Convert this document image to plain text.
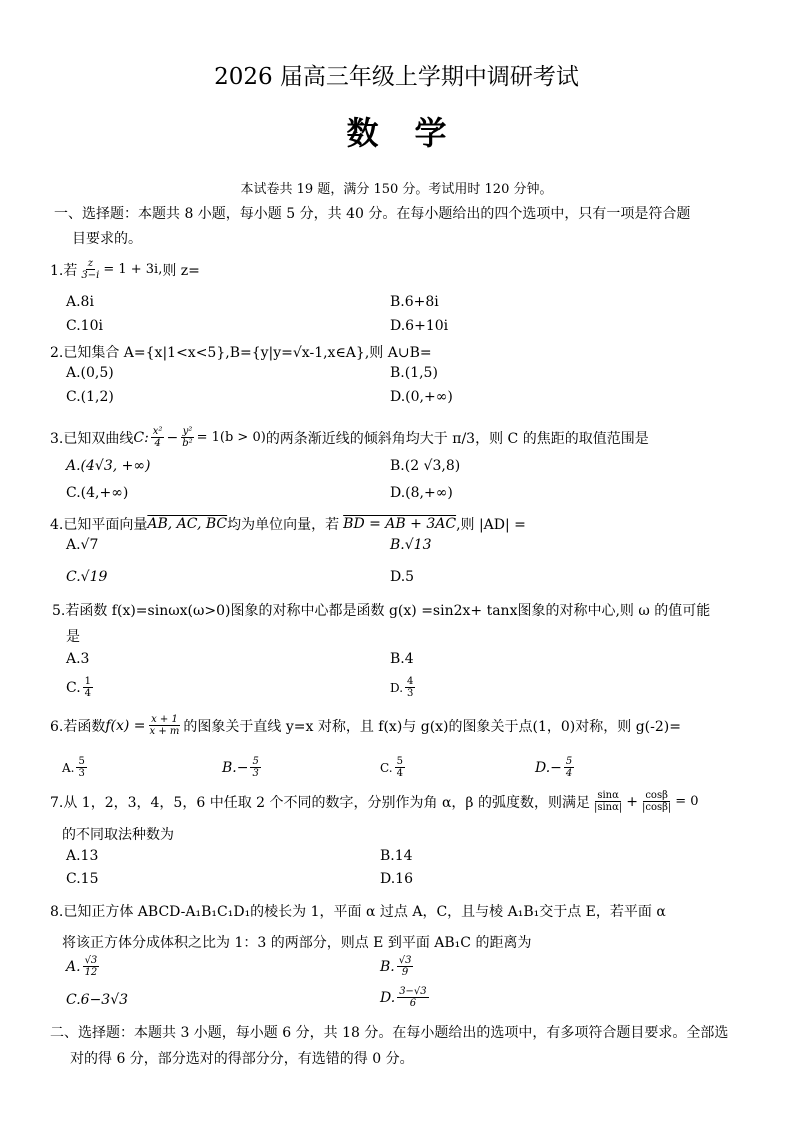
2026 届高三年级上学期中调研考试
数学
本试卷共 19 题，满分 150 分。考试用时 120 分钟。
一、选择题：本题共 8 小题，每小题 5 分，共 40 分。在每小题给出的四个选项中，只有一项是符合题
目要求的。
1.若 $\frac{z}{3-i} = 1 + 3i$, 则 z=
A.8i	B.6+8i
C.10i	D.6+10i
2.已知集合 A={x|1<x<5},B={y|y=√x-1,x∈A},则 A∪B=
A.(0,5)	B.(1,5)
C.(1,2)	D.(0,+∞)
3.已知双曲线 C: $\frac{\text{x²}}{4} - \frac{\text{y²}}{\text{b²}} = 1(b > 0)$ 的两条渐近线的倾斜角均大于 π/3，则 C 的焦距的取值范围是
A.(4√3, +∞)	B.(2 √3,8)
C.(4,+∞)	D.(8,+∞)
4.已知平面向量 AB, AC, BC 均为单位向量，若 BD = AB + 3AC ,则 |AD| =
A.√7	B.√13
C.√19	D.5
5.若函数 f(x)=sinωx(ω>0)图象的对称中心都是函数 g(x) =sin2x+ tanx图象的对称中心,则 ω 的值可能
是
A.3	B.4
C. $\frac{1}{4}$	D. $\frac{4}{3}$
6.若函数 $f(x) = \frac{x + 1}{x + m}$ 的图象关于直线 y=x 对称，且 f(x)与 g(x)的图象关于点(1，0)对称，则 g(-2)=
A. $\frac{5}{3}$	$B.- \frac{5}{3}$	C. $\frac{5}{4}$	$D.- \frac{5}{4}$
7.从 1，2，3，4，5，6 中任取 2 个不同的数字，分别作为角 α，β 的弧度数，则满足 $\frac{\sin\alpha}{|\sin\alpha|} + \frac{\cos\beta}{|\cos\beta|} = 0$
的不同取法种数为
A.13	B.14
C.15	D.16
8.已知正方体 ABCD-A₁B₁C₁D₁的棱长为 1，平面 α 过点 A，C，且与棱 A₁B₁交于点 E，若平面 α
将该正方体分成体积之比为 1：3 的两部分，则点 E 到平面 AB₁C 的距离为
A. $\frac{√3}{12}$	B. $\frac{√3}{9}$
C.6−3√3	D. $\frac{3-√3}{6}$
二、选择题：本题共 3 小题，每小题 6 分，共 18 分。在每小题给出的选项中，有多项符合题目要求。全部选
对的得 6 分，部分选对的得部分分，有选错的得 0 分。
